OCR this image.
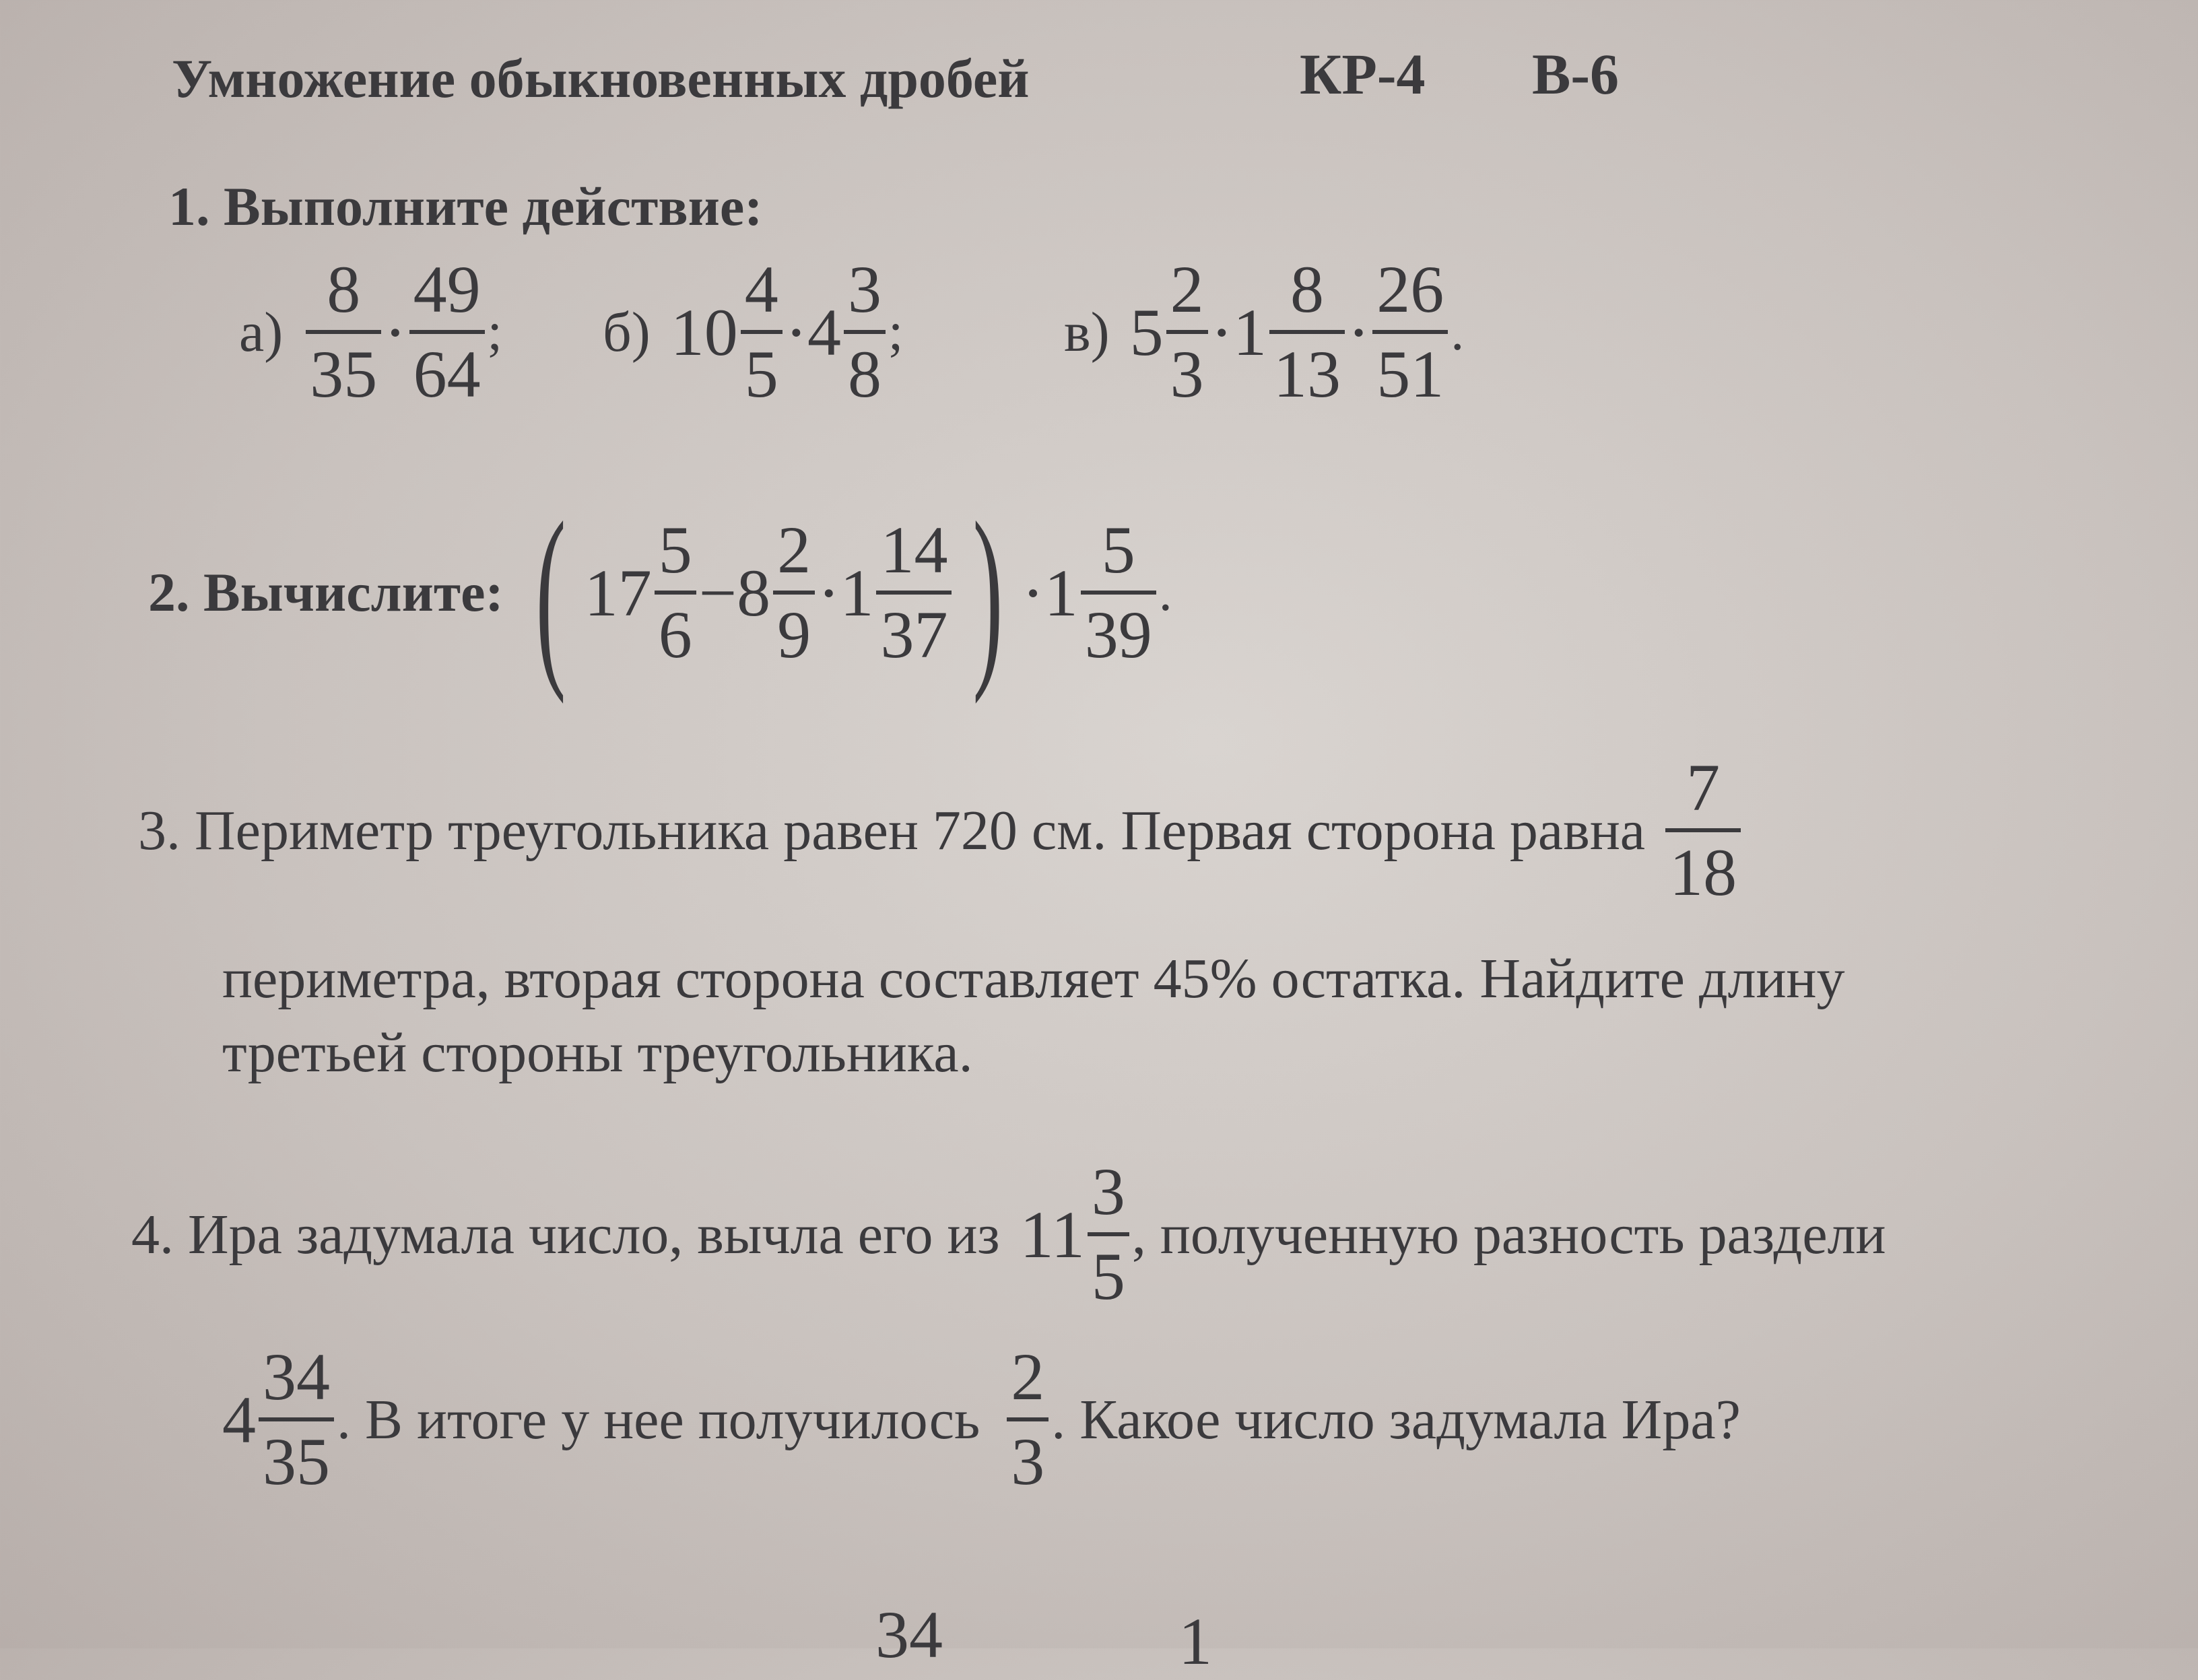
Умножение обыкновенных дробей	КР-4 В-6
1. Выполните действие:
а)
8
35
·
49
64
; б) 10
4
5
· 4
3
8
;	в) 5
2
3
· 1
8
13
·
26
51
.
2. Вычислите: ( 17
5
6
− 8
2
9
· 1
14
37 ) · 1
5
39
.
3. Периметр треугольника равен 720 см. Первая сторона равна
7
18
периметра, вторая сторона составляет 45% остатка. Найдите длину
третьей стороны треугольника.
4. Ира задумала число, вычла его из 11
3
5
, полученную разность раздели
4
34
35
. В итоге у нее получилось
2
3
. Какое число задумала Ира?
34	1
